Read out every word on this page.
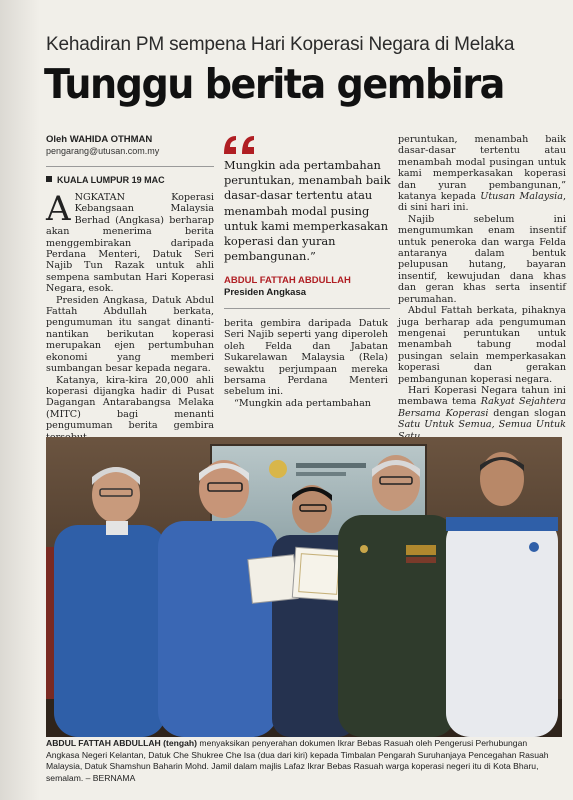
Kehadiran PM sempena Hari Koperasi Negara di Melaka
Tunggu berita gembira
Oleh WAHIDA OTHMAN
pengarang@utusan.com.my
KUALA LUMPUR 19 MAC

ANGKATAN Koperasi Kebangsaan Malaysia Berhad (Angkasa) berharap akan menerima berita menggembirakan daripada Perdana Menteri, Datuk Seri Najib Tun Razak untuk ahli sempena sambutan Hari Koperasi Negara, esok.

Presiden Angkasa, Datuk Abdul Fattah Abdullah berkata, pengumuman itu sangat dinanti-nantikan berikutan koperasi merupakan ejen pertumbuhan ekonomi yang memberi sumbangan besar kepada negara.

Katanya, kira-kira 20,000 ahli koperasi dijangka hadir di Pusat Dagangan Antarabangsa Melaka (MITC) bagi menanti pengumuman berita gembira

Mungkin ada pertambahan peruntukan, menambah baik dasar-dasar tertentu atau menambah modal pusing untuk kami memperkasakan koperasi dan yuran pembangunan.”
ABDUL FATTAH ABDULLAH
Presiden Angkasa

berita gembira daripada Datuk Seri Najib seperti yang diperoleh oleh Felda dan Jabatan Sukarelawan Malaysia (Rela) sewaktu perjumpaan mereka bersama Perdana Menteri sebelum ini.

“Mungkin ada pertambahan

peruntukan, menambah baik dasar-dasar tertentu atau menambah modal pusingan untuk kami memperkasakan koperasi dan yuran pembangunan,” katanya kepada Utusan Malaysia, di sini hari ini.

Najib sebelum ini mengumumkan enam insentif untuk peneroka dan warga Felda antaranya dalam bentuk pelupusan hutang, bayaran insentif, kewujudan dana khas dan geran khas serta insentif perumahan.

Abdul Fattah berkata, pihaknya juga berharap ada pengumuman mengenai peruntukan untuk menambah tabung modal pusingan selain memperkasakan koperasi dan gerakan pembangunan koperasi negara.

Hari Koperasi Negara tahun ini membawa tema Rakyat Sejahtera Bersama Koperasi dengan slogan Satu Untuk Semua, Semua Untuk

ABDUL FATTAH ABDULLAH (tengah) menyaksikan penyerahan dokumen Ikrar Bebas Rasuah oleh Pengerusi Perhubungan Angkasa Negeri Kelantan, Datuk Che Shukree Che Isa (dua dari kiri) kepada Timbalan Pengarah Suruhanjaya Pencegahan Rasuah Malaysia, Datuk Shamshun Baharin Mohd. Jamil dalam majlis Lafaz Ikrar Bebas Rasuah warga koperasi negeri itu di Kota Bharu, semalam. – BERNAMA
